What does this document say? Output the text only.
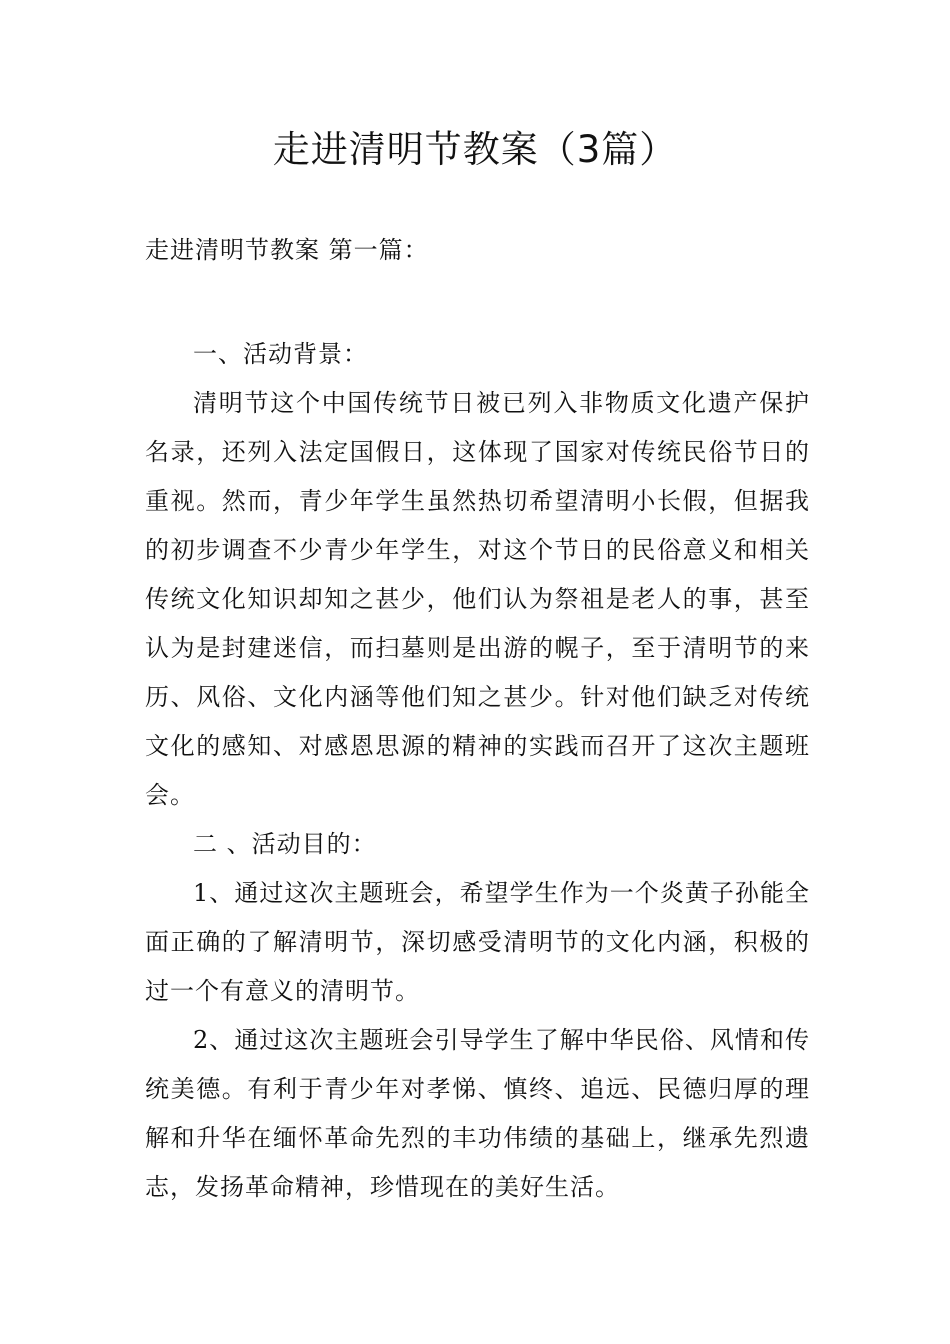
走进清明节教案（3篇）
走进清明节教案 第一篇：

一、活动背景：

清明节这个中国传统节日被已列入非物质文化遗产保护名录，还列入法定国假日，这体现了国家对传统民俗节日的重视。然而，青少年学生虽然热切希望清明小长假，但据我的初步调查不少青少年学生，对这个节日的民俗意义和相关传统文化知识却知之甚少，他们认为祭祖是老人的事，甚至认为是封建迷信，而扫墓则是出游的幌子，至于清明节的来历、风俗、文化内涵等他们知之甚少。针对他们缺乏对传统文化的感知、对感恩思源的精神的实践而召开了这次主题班会。

二 、活动目的：

1、通过这次主题班会，希望学生作为一个炎黄子孙能全面正确的了解清明节，深切感受清明节的文化内涵，积极的过一个有意义的清明节。

2、通过这次主题班会引导学生了解中华民俗、风情和传统美德。有利于青少年对孝悌、慎终、追远、民德归厚的理解和升华在缅怀革命先烈的丰功伟绩的基础上，继承先烈遗志，发扬革命精神，珍惜现在的美好生活。
